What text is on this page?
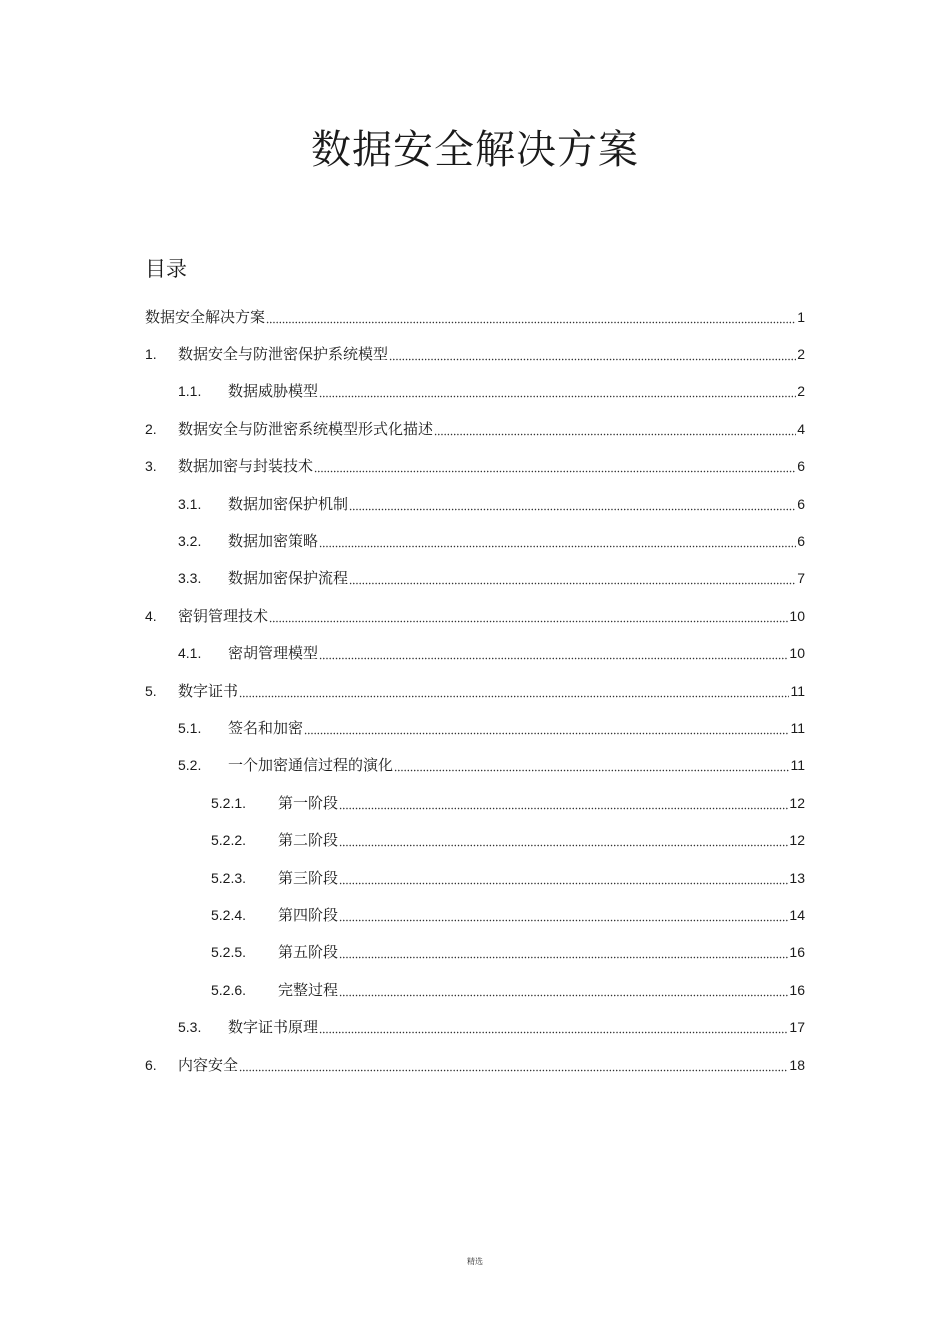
数据安全解决方案
目录
数据安全解决方案	1
1.	数据安全与防泄密保护系统模型	2
1.1.	数据威胁模型	2
2.	数据安全与防泄密系统模型形式化描述	4
3.	数据加密与封装技术	6
3.1.	数据加密保护机制	6
3.2.	数据加密策略	6
3.3.	数据加密保护流程	7
4.	密钥管理技术	10
4.1.	密胡管理模型	10
5.	数字证书	11
5.1.	签名和加密	11
5.2.	一个加密通信过程的演化	11
5.2.1.	第一阶段	12
5.2.2.	第二阶段	12
5.2.3.	第三阶段	13
5.2.4.	第四阶段	14
5.2.5.	第五阶段	16
5.2.6.	完整过程	16
5.3.	数字证书原理	17
6.	内容安全	18
精选
